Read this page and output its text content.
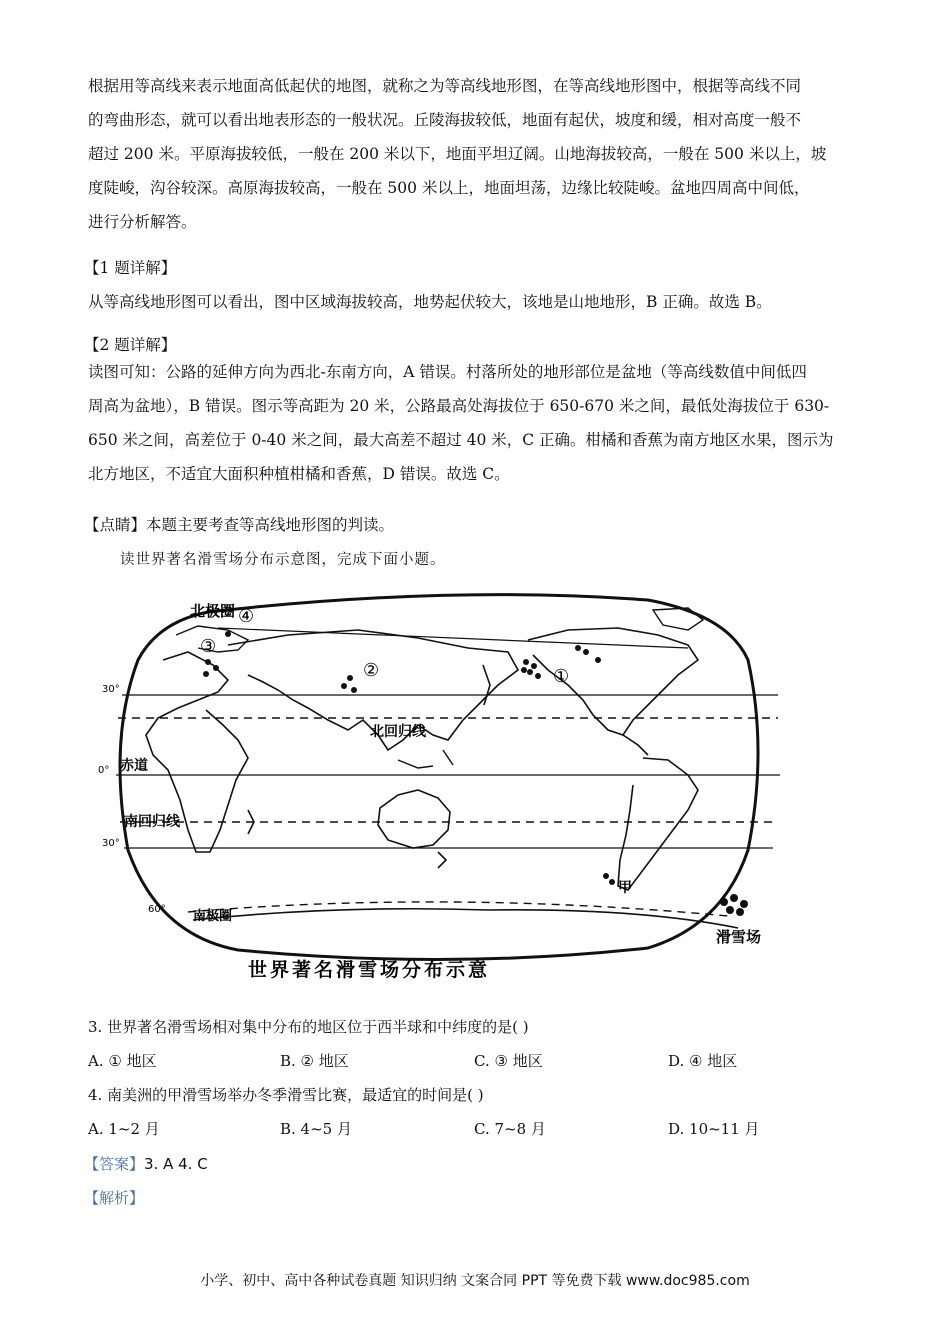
根据用等高线来表示地面高低起伏的地图，就称之为等高线地形图，在等高线地形图中，根据等高线不同

的弯曲形态，就可以看出地表形态的一般状况。丘陵海拔较低，地面有起伏，坡度和缓，相对高度一般不

超过 200 米。平原海拔较低，一般在 200 米以下，地面平坦辽阔。山地海拔较高，一般在 500 米以上，坡

度陡峻，沟谷较深。高原海拔较高，一般在 500 米以上，地面坦荡，边缘比较陡峻。盆地四周高中间低，

进行分析解答。

【1 题详解】

从等高线地形图可以看出，图中区域海拔较高，地势起伏较大，该地是山地地形，B 正确。故选 B。

【2 题详解】

读图可知：公路的延伸方向为西北-东南方向，A 错误。村落所处的地形部位是盆地（等高线数值中间低四

周高为盆地），B 错误。图示等高距为 20 米，公路最高处海拔位于 650-670 米之间，最低处海拔位于 630-

650 米之间，高差位于 0-40 米之间，最大高差不超过 40 米，C 正确。柑橘和香蕉为南方地区水果，图示为

北方地区，不适宜大面积种植柑橘和香蕉，D 错误。故选 C。

【点睛】本题主要考查等高线地形图的判读。
读世界著名滑雪场分布示意图，完成下面小题。
30°
0°
30°
60°
北极圈
北回归线
赤道
南回归线
南极圈
甲
①
②
③
④
滑雪场
世界著名滑雪场分布示意
3. 世界著名滑雪场相对集中分布的地区位于西半球和中纬度的是( )
A. ① 地区	B. ② 地区	C. ③ 地区	D. ④ 地区
4. 南美洲的甲滑雪场举办冬季滑雪比赛，最适宜的时间是( )
A. 1~2 月	B. 4~5 月	C. 7~8 月	D. 10~11 月
【答案】3. A 4. C
【解析】
小学、初中、高中各种试卷真题 知识归纳 文案合同 PPT 等免费下载 www.doc985.com
